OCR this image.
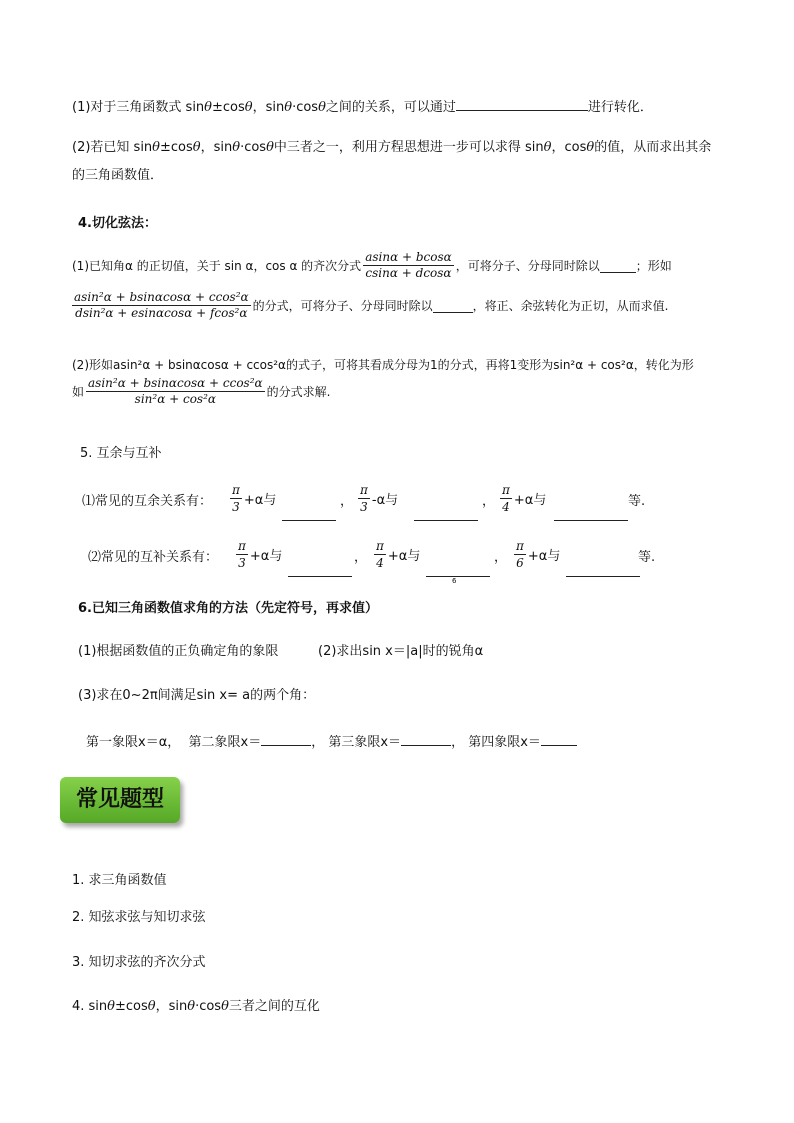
(1)对于三角函数式 sinθ±cosθ，sinθ·cosθ之间的关系，可以通过	进行转化．
(2)若已知 sinθ±cosθ，sinθ·cosθ中三者之一，利用方程思想进一步可以求得 sinθ，cosθ的值，从而求出其余
的三角函数值．
4.切化弦法：
(1)已知角α 的正切值，关于 sin α，cos α 的齐次分式 $\frac{asin\alpha + bcos\alpha}{csin\alpha + dcos\alpha}$ ，可将分子、分母同时除以	；形如
$\frac{\text{asin²α + bsinαcosα + ccos²α}}{\text{dsin²α + esinαcosα + fcos²α}}$ 的分式，可将分子、分母同时除以	，将正、余弦转化为正切，从而求值.
(2)形如asin²α + bsinαcosα + ccos²α的式子，可将其看成分母为1的分式，再将1变形为sin²α + cos²α，转化为形
如 $\frac{\text{asin²α + bsinαcosα + ccos²α}}{\text{sin²α + cos²α}}$ 的分式求解.
5. 互余与互补
⑴常见的互余关系有： $\frac{\pi}{3} +\alpha$与	， $\frac{\pi}{3} -\alpha$与	， $\frac{\pi}{4} +\alpha$与	等.
⑵常见的互补关系有： $\frac{\pi}{3} +\alpha$与	， $\frac{\pi}{4} +\alpha$与
6
， $\frac{\pi}{6} +\alpha$与	等.
6.已知三角函数值求角的方法（先定符号，再求值）
(1)根据函数值的正负确定角的象限	(2)求出sin x＝|a|时的锐角α
(3)求在0~2π间满足sin x= a的两个角：
第一象限x＝α， 第二象限x＝	， 第三象限x＝	， 第四象限x＝
常见题型
1. 求三角函数值
2. 知弦求弦与知切求弦
3. 知切求弦的齐次分式
4. sinθ±cosθ，sinθ·cosθ三者之间的互化
